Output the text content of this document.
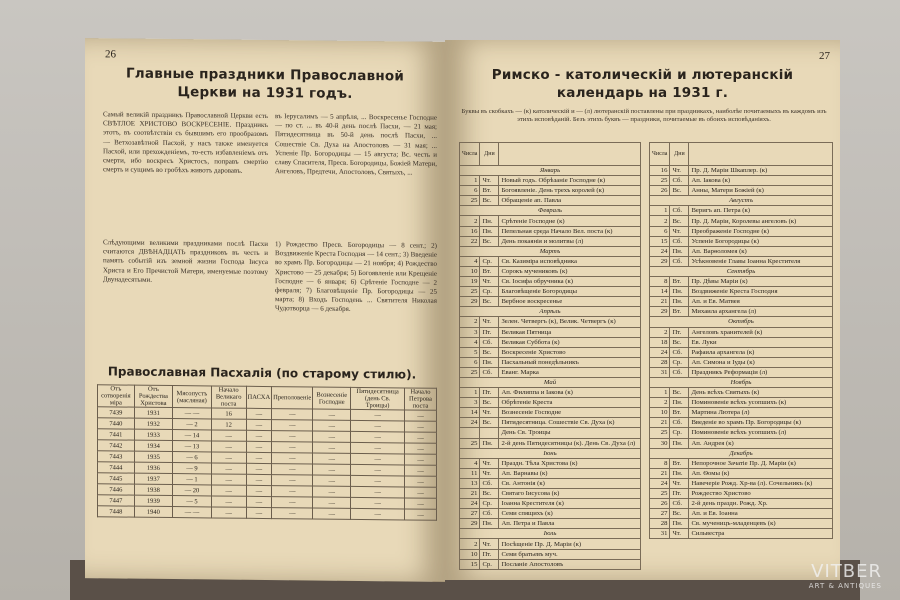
26
Главные праздники Православной Церкви на 1931 годъ.
Самый великій праздникъ Православной Церкви есть СВѢТЛОЕ ХРИСТОВО ВОСКРЕСЕНІЕ. Праздникъ этотъ, въ соотвѣтствіи съ бывшимъ его прообразомъ — Ветхозавѣтной Пасхой, у насъ также именуется Пасхой, или прехожденіемъ, то-есть избавленіемъ отъ смерти, ибо воскресъ Христосъ, поправъ смертію смерть и сущимъ во гробѣхъ животъ даровавъ.
въ Іерусалимъ — 5 апрѣля, ... Воскресенье Господне — по ст. ... въ 40-й день послѣ Пасхи, — 21 мая; Пятидесятница въ 50-й день послѣ Пасхи, ... Сошествіе Св. Духа на Апостоловъ — 31 мая; ... Успеніе Пр. Богородицы — 15 августа; Вс. честь и славу Спасителя, Пресв. Богородицы, Божіей Матери, Ангеловъ, Предтечи, Апостоловъ, Святыхъ, ...
Слѣдующими великими праздниками послѣ Пасхи считаются ДВѢНАДЦАТЬ праздниковъ въ честь и память событій изъ земной жизни Господа Іисуса Христа и Его Пречистой Матери, именуемые поэтому Двунадесятыми.
1) Рождество Пресв. Богородицы — 8 сент.; 2) Воздвиженіе Креста Господня — 14 сент.; 3) Введеніе во храмъ Пр. Богородицы — 21 ноября; 4) Рождество Христово — 25 декабря; 5) Богоявленіе или Крещеніе Господне — 6 января; 6) Срѣтеніе Господне — 2 февраля; 7) Благовѣщеніе Пр. Богородицы — 25 марта; 8) Входъ Господень ... Святителя Николая Чудотворца — 6 декабря.
Православная Пасхалія (по старому стилю).
Отъ сотворенія міра	Отъ Рождества Христова	Мясопустъ (масляная)	Начало Великаго поста	ПАСХА	Преполовеніе	Вознесеніе Господне	Пятидесятница (день Св. Троицы)	Начало Петрова поста
7439	1931	— —	16	—	—	—	—	—
7440	1932	— 2	12	—	—	—	—	—
7441	1933	— 14	—	—	—	—	—	—
7442	1934	— 13	—	—	—	—	—	—
7443	1935	— 6	—	—	—	—	—	—
7444	1936	— 9	—	—	—	—	—	—
7445	1937	— 1	—	—	—	—	—	—
7446	1938	— 20	—	—	—	—	—	—
7447	1939	— 5	—	—	—	—	—	—
7448	1940	— —	—	—	—	—	—	—
27
Римско - католическій и лютеранскій календарь на 1931 г.
Буквы въ скобкахъ — (к) католическій и — (л) лютеранскій поставлены при праздникахъ, наиболѣе почитаемыхъ въ каждомъ изъ этихъ исповѣданій. Безъ этихъ буквъ — праздники, почитаемые въ обоихъ исповѣданіяхъ.
Числа	Дни	
Январь		
1	Чт.	Новый годъ. Обрѣзаніе Господне (к)
6	Вт.	Богоявленіе. День трехъ королей (к)
25	Вс.	Обращеніе ап. Павла
Февраль		
2	Пн.	Срѣтеніе Господне (к)
16	Пн.	Пепельная среда Начало Вел. поста (к)
22	Вс.	День покаянія и молитвы (л)
Мартъ		
4	Ср.	Св. Казиміра исповѣдника
10	Вт.	Сорокъ мучениковъ (к)
19	Чт.	Св. Іосифа обручника (к)
25	Ср.	Благовѣщеніе Богородицы
29	Вс.	Вербное воскресенье
Апрѣль		
2	Чт.	Зелен. Четвергъ (к), Велик. Четвергъ (к)
3	Пт.	Великая Пятница
4	Сб.	Великая Суббота (к)
5	Вс.	Воскресеніе Христово
6	Пн.	Пасхальный понедѣльникъ
25	Сб.	Еванг. Марка
Май		
1	Пт.	Ап. Филиппа и Іакова (к)
3	Вс.	Обрѣтеніе Креста
14	Чт.	Вознесеніе Господне
24	Вс.	Пятидесятница. Сошествіе Св. Духа (к)
		День Св. Троицы
25	Пн.	2-й день Пятидесятницы (к). День Св. Духа (л)
Іюнь		
4	Чт.	Праздн. Тѣла Христова (к)
11	Чт.	Ап. Варнавы (к)
13	Сб.	Св. Антонія (к)
21	Вс.	Святаго Іисусова (к)
24	Ср.	Іоанна Крестителя (к)
27	Сб.	Семи спящихъ (к)
29	Пн.	Ап. Петра и Павла
Іюль		
2	Чт.	Посѣщеніе Пр. Д. Маріи (к)
10	Пт.	Семи братьевъ муч.
15	Ср.	Посланіе Апостоловъ
Числа	Дни	
16	Чт.	Пр. Д. Маріи Шкаплер. (к)
25	Сб.	Ап. Іакова (к)
26	Вс.	Анны, Матери Божіей (к)
Августъ		
1	Сб.	Веригъ ап. Петра (к)
2	Вс.	Пр. Д. Маріи, Королевы ангеловъ (к)
6	Чт.	Преображеніе Господне (к)
15	Сб.	Успеніе Богородицы (к)
24	Пн.	Ап. Варѳоломея (к)
29	Сб.	Усѣкновеніе Главы Іоанна Крестителя
Сентябрь		
8	Вт.	Пр. Дѣвы Маріи (к)
14	Пн.	Воздвиженіе Креста Господня
21	Пн.	Ап. и Ев. Матвея
29	Вт.	Михаила архангела (л)
Октябрь		
2	Пт.	Ангеловъ хранителей (к)
18	Вс.	Ев. Луки
24	Сб.	Рафаила архангела (к)
28	Ср.	Ап. Симона и Іуды (к)
31	Сб.	Праздникъ Реформаціи (л)
Ноябрь		
1	Вс.	День всѣхъ Святыхъ (к)
2	Пн.	Поминовеніе всѣхъ усопшихъ (к)
10	Вт.	Мартина Лютера (л)
21	Сб.	Введеніе во храмъ Пр. Богородицы (к)
25	Ср.	Поминовеніе всѣхъ усопшихъ (л)
30	Пн.	Ап. Андрея (к)
Декабрь		
8	Вт.	Непорочное Зачатіе Пр. Д. Маріи (к)
21	Пн.	Ап. Ѳомы (к)
24	Чт.	Навечеріе Рожд. Хр-ва (л). Сочельникъ (к)
25	Пт.	Рождество Христово
26	Сб.	2-й день праздн. Рожд. Хр.
27	Вс.	Ап. и Ев. Іоанна
28	Пн.	Св. мученицъ-младенцевъ (к)
31	Чт.	Сильвестра
VITBER
ART & ANTIQUES
